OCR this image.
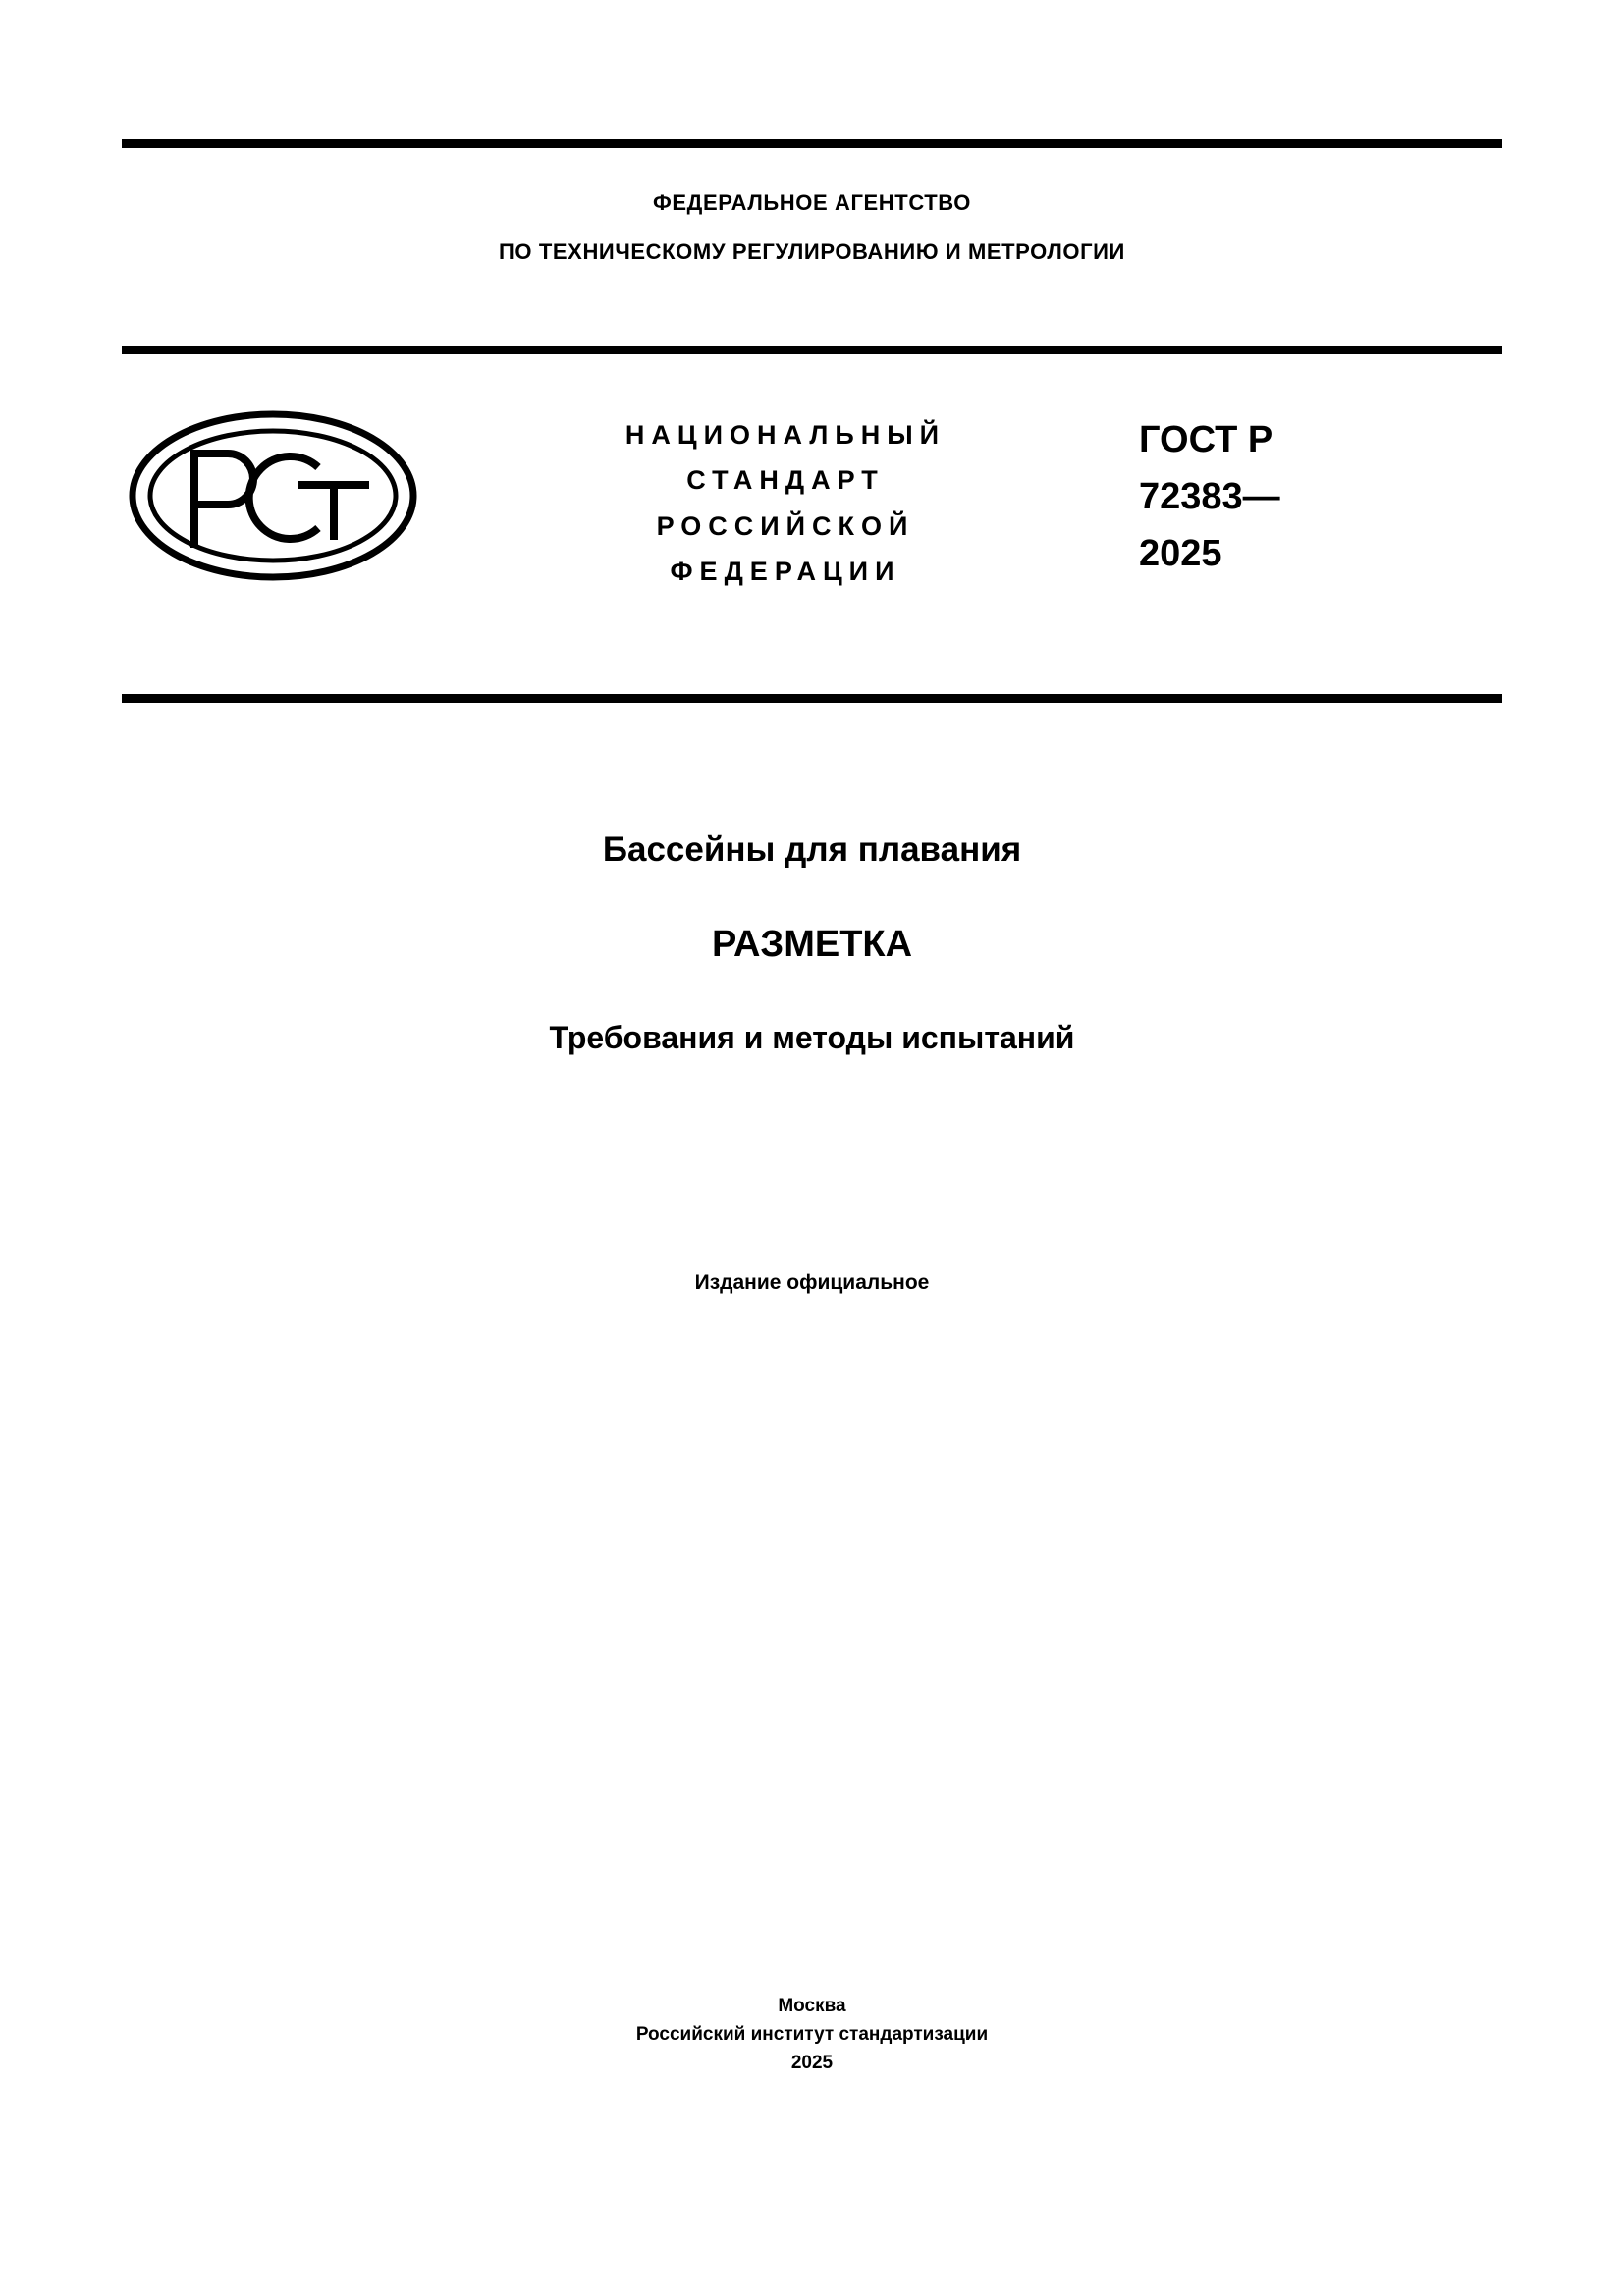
ФЕДЕРАЛЬНОЕ АГЕНТСТВО
ПО ТЕХНИЧЕСКОМУ РЕГУЛИРОВАНИЮ И МЕТРОЛОГИИ
НАЦИОНАЛЬНЫЙ
СТАНДАРТ
РОССИЙСКОЙ
ФЕДЕРАЦИИ
ГОСТ Р
72383—
2025
Бассейны для плавания
РАЗМЕТКА
Требования и методы испытаний
Издание официальное
Москва
Российский институт стандартизации
2025
